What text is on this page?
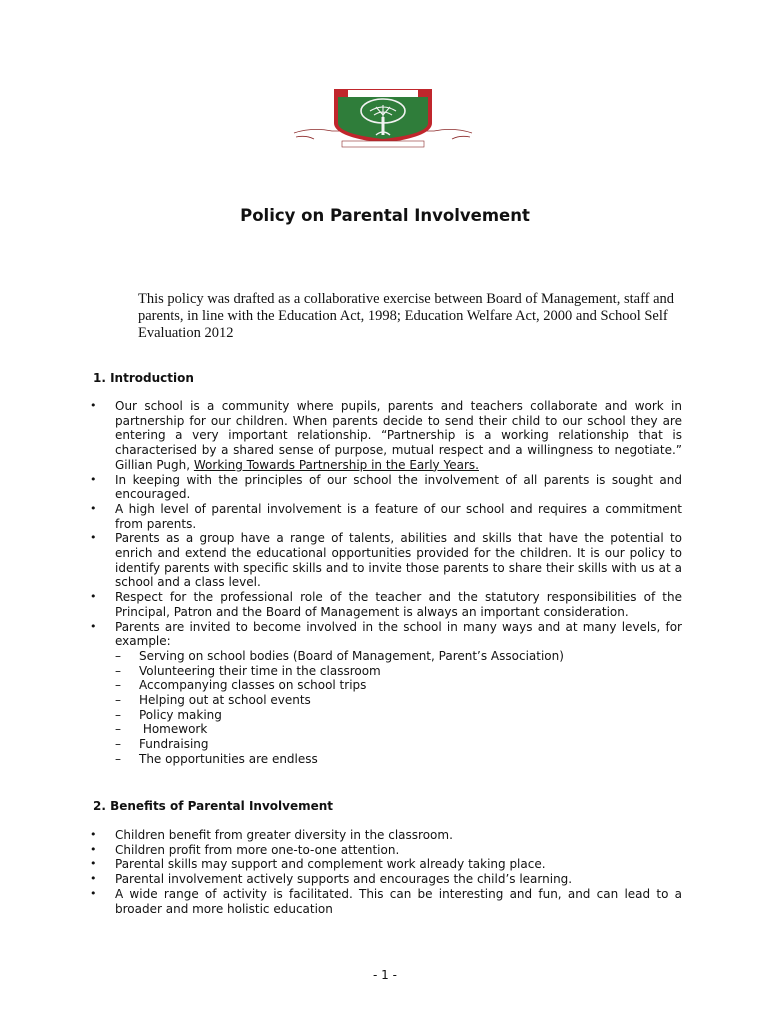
Policy on Parental Involvement
This policy was drafted as a collaborative exercise between Board of Management, staff and parents, in line with the Education Act, 1998; Education Welfare Act, 2000 and School Self Evaluation 2012
1. Introduction
• Our school is a community where pupils, parents and teachers collaborate and work in partnership for our children. When parents decide to send their child to our school they are entering a very important relationship. “Partnership is a working relationship that is characterised by a shared sense of purpose, mutual respect and a willingness to negotiate.” Gillian Pugh, Working Towards Partnership in the Early Years.
• In keeping with the principles of our school the involvement of all parents is sought and encouraged.
• A high level of parental involvement is a feature of our school and requires a commitment from parents.
• Parents as a group have a range of talents, abilities and skills that have the potential to enrich and extend the educational opportunities provided for the children. It is our policy to identify parents with specific skills and to invite those parents to share their skills with us at a school and a class level.
• Respect for the professional role of the teacher and the statutory responsibilities of the Principal, Patron and the Board of Management is always an important consideration.
• Parents are invited to become involved in the school in many ways and at many levels, for example:
– Serving on school bodies (Board of Management, Parent’s Association)
– Volunteering their time in the classroom
– Accompanying classes on school trips
– Helping out at school events
– Policy making
– Homework
– Fundraising
– The opportunities are endless
2. Benefits of Parental Involvement
• Children benefit from greater diversity in the classroom.
• Children profit from more one-to-one attention.
• Parental skills may support and complement work already taking place.
• Parental involvement actively supports and encourages the child’s learning.
• A wide range of activity is facilitated. This can be interesting and fun, and can lead to a broader and more holistic education
- 1 -
